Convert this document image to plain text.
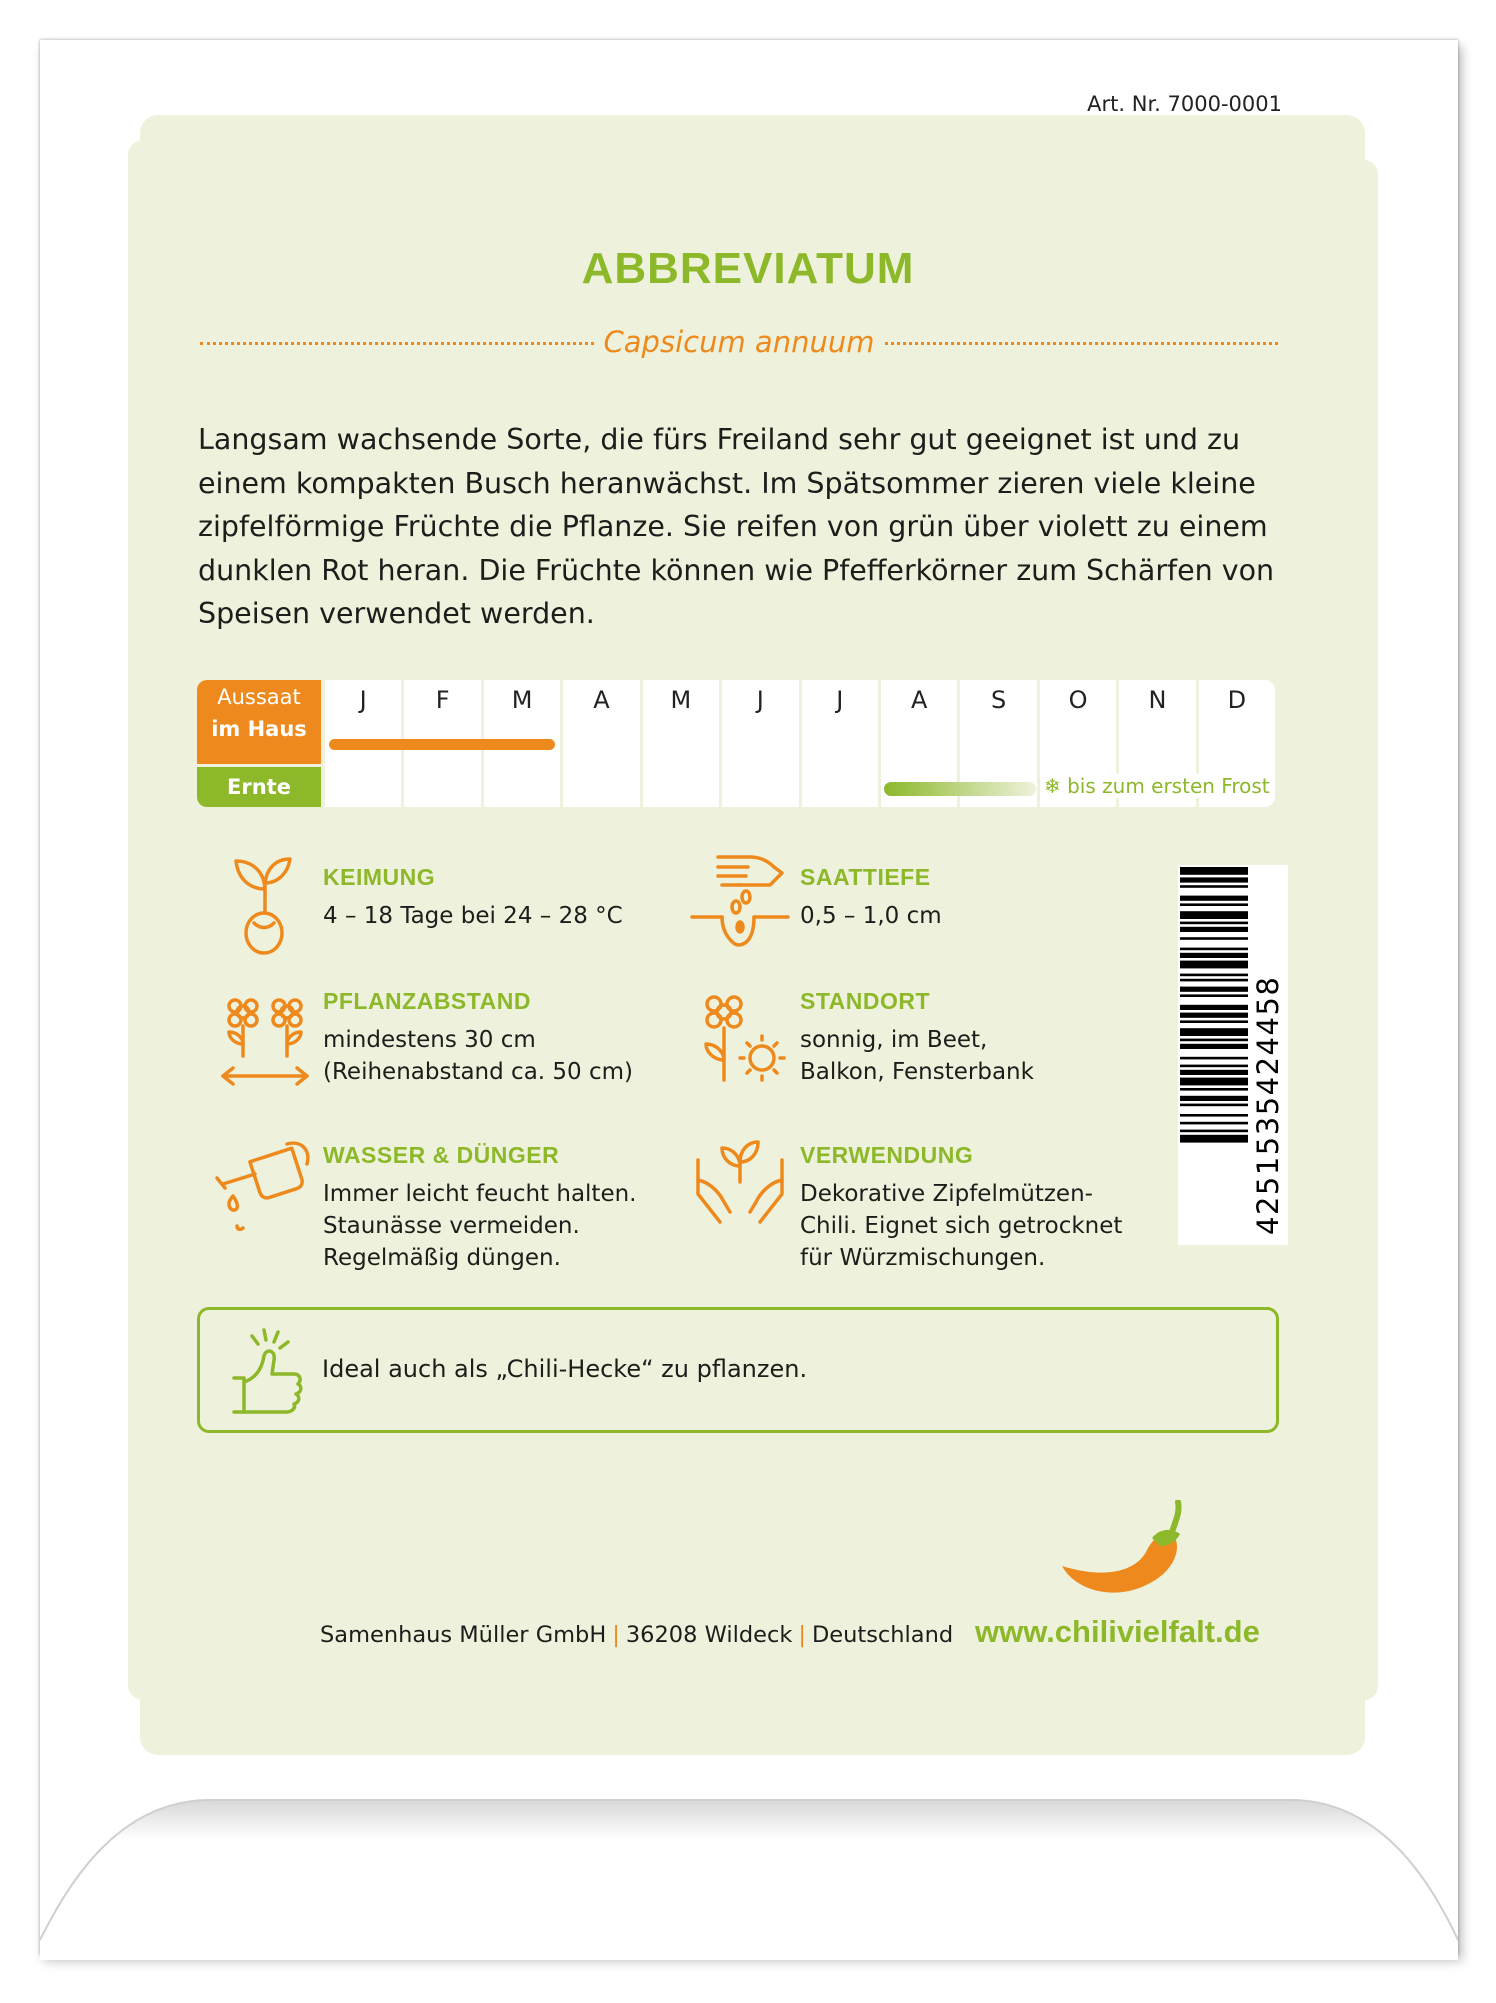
Art. Nr. 7000-0001
ABBREVIATUM
Capsicum annuum
Langsam wachsende Sorte, die fürs Freiland sehr gut geeignet ist und zu
einem kompakten Busch heranwächst. Im Spätsommer zieren viele kleine
zipfelförmige Früchte die Pflanze. Sie reifen von grün über violett zu einem
dunklen Rot heran. Die Früchte können wie Pfefferkörner zum Schärfen von
Speisen verwendet werden.
Aussaat
im Haus
Ernte
J	F	M	A	M	J	J	A	S	O	N	D
❄ bis zum ersten Frost
KEIMUNG
4 – 18 Tage bei 24 – 28 °C
SAATTIEFE
0,5 – 1,0 cm
PFLANZABSTAND
mindestens 30 cm
(Reihenabstand ca. 50 cm)
STANDORT
sonnig, im Beet,
Balkon, Fensterbank
WASSER & DÜNGER
Immer leicht feucht halten.
Staunässe vermeiden.
Regelmäßig düngen.
VERWENDUNG
Dekorative Zipfelmützen-
Chili. Eignet sich getrocknet
für Würzmischungen.
4251535424458
Ideal auch als „Chili-Hecke“ zu pflanzen.
Samenhaus Müller GmbH | 36208 Wildeck | Deutschland www.chilivielfalt.de
